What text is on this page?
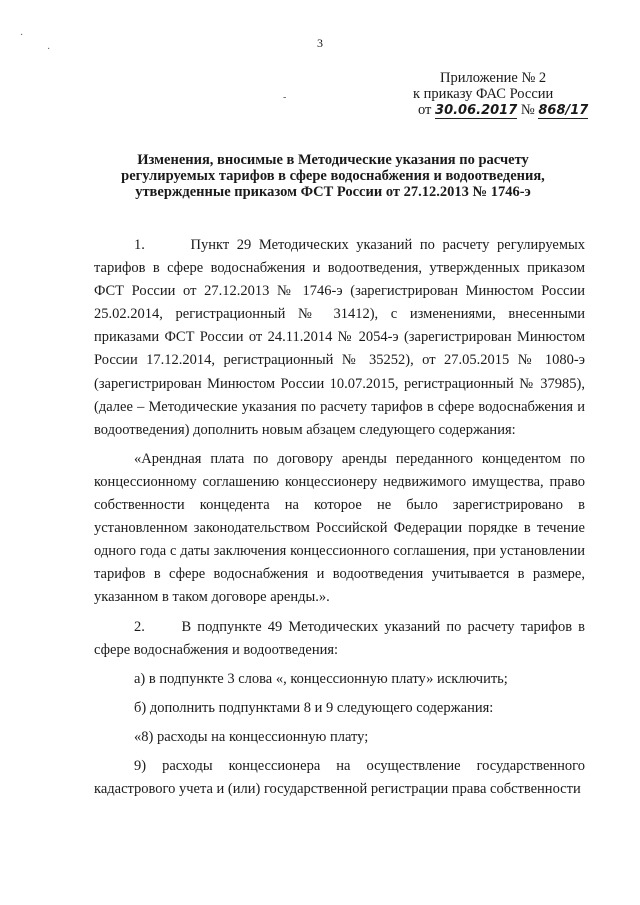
·
·
‑
3
Приложение № 2
к приказу ФАС России
от 30.06.2017 № 868/17
Изменения, вносимые в Методические указания по расчету
регулируемых тарифов в сфере водоснабжения и водоотведения,
утвержденные приказом ФСТ России от 27.12.2013 № 1746-э

1.      Пункт 29 Методических указаний по расчету регулируемых тарифов в сфере водоснабжения и водоотведения, утвержденных приказом ФСТ России от 27.12.2013 № 1746-э (зарегистрирован Минюстом России 25.02.2014, регистрационный № 31412), с изменениями, внесенными приказами ФСТ России от 24.11.2014 № 2054-э (зарегистрирован Минюстом России 17.12.2014, регистрационный № 35252), от 27.05.2015 № 1080-э (зарегистрирован Минюстом России 10.07.2015, регистрационный № 37985), (далее – Методические указания по расчету тарифов в сфере водоснабжения и водоотведения) дополнить новым абзацем следующего содержания:

«Арендная плата по договору аренды переданного концедентом по концессионному соглашению концессионеру недвижимого имущества, право собственности концедента на которое не было зарегистрировано в установленном законодательством Российской Федерации порядке в течение одного года с даты заключения концессионного соглашения, при установлении тарифов в сфере водоснабжения и водоотведения учитывается в размере, указанном в таком договоре аренды.».

2.      В подпункте 49 Методических указаний по расчету тарифов в сфере водоснабжения и водоотведения:

а) в подпункте 3 слова «, концессионную плату» исключить;

б) дополнить подпунктами 8 и 9 следующего содержания:

«8) расходы на концессионную плату;

9) расходы концессионера на осуществление государственного кадастрового учета и (или) государственной регистрации права собственности
